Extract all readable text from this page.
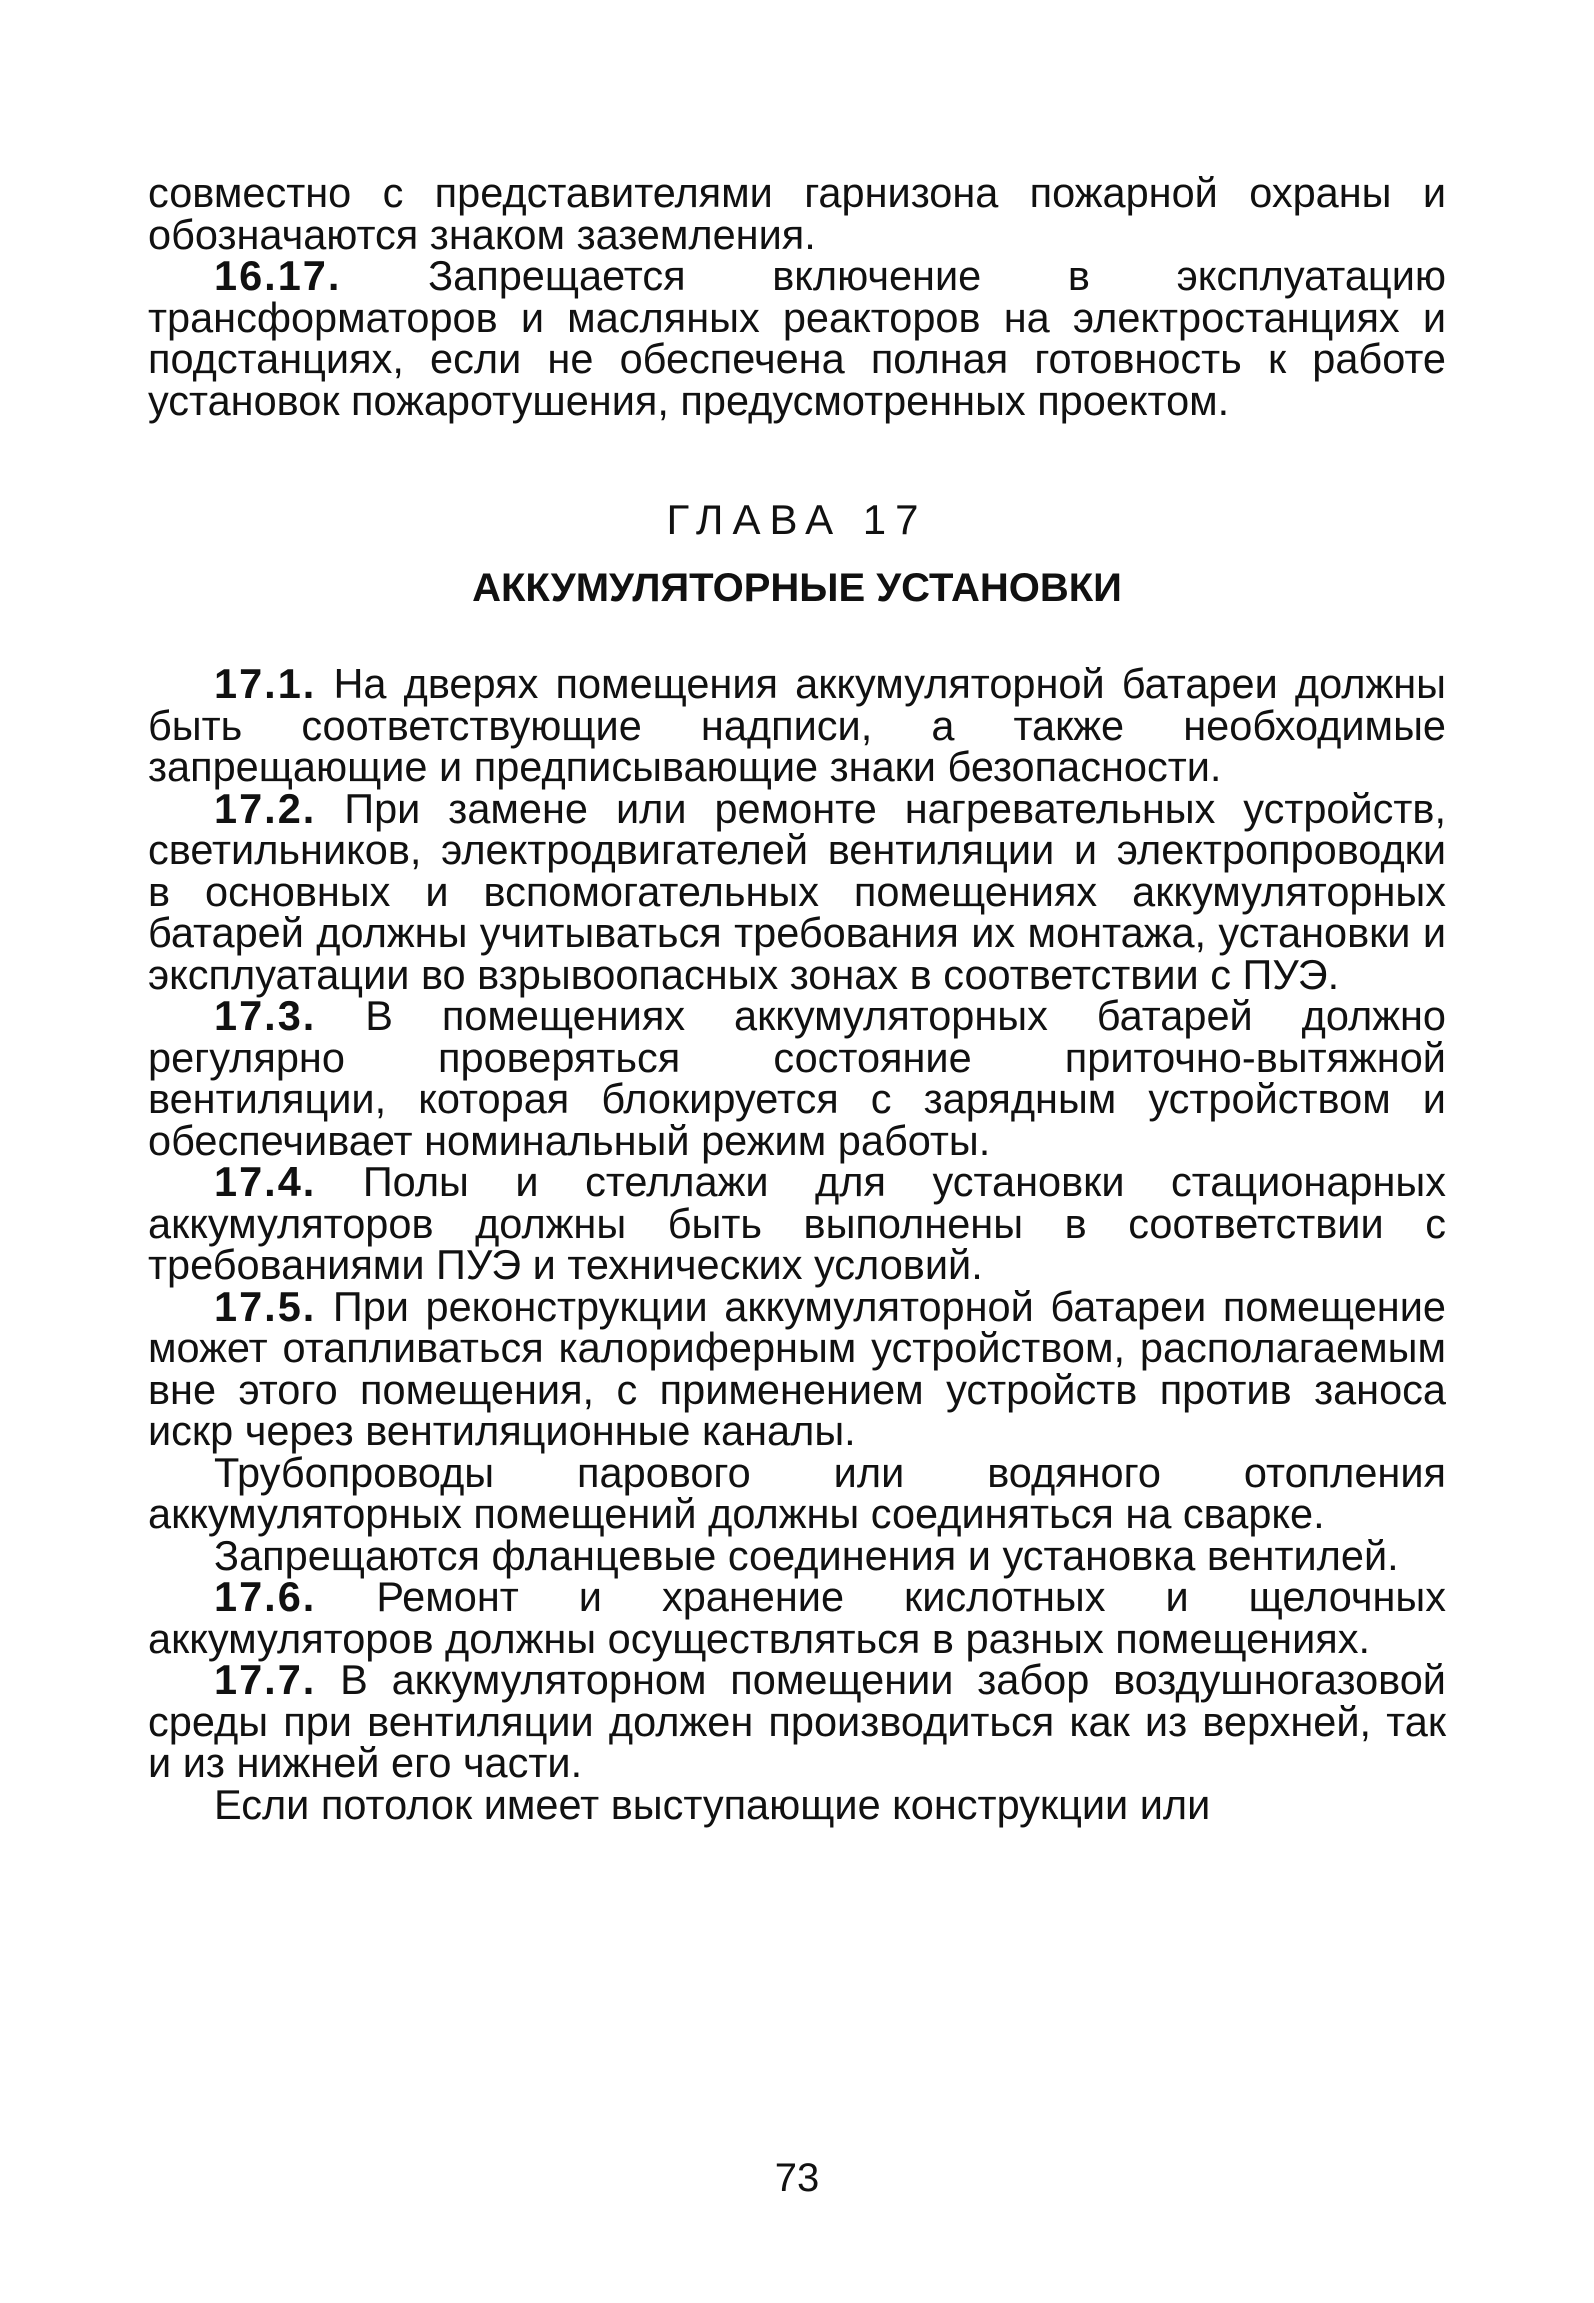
совместно с представителями гарнизона пожарной охраны и обозначаются знаком заземления.

16.17. Запрещается включение в эксплуатацию трансформаторов и масляных реакторов на электростанциях и подстанциях, если не обеспечена полная готовность к работе установок пожаротушения, предусмотренных проектом.

ГЛАВА 17
АККУМУЛЯТОРНЫЕ УСТАНОВКИ

17.1. На дверях помещения аккумуляторной батареи должны быть соответствующие надписи, а также необходимые запрещающие и предписывающие знаки безопасности.

17.2. При замене или ремонте нагревательных устройств, светильников, электродвигателей вентиляции и электропроводки в основных и вспомогательных помещениях аккумуляторных батарей должны учитываться требования их монтажа, установки и эксплуатации во взрывоопасных зонах в соответствии с ПУЭ.

17.3. В помещениях аккумуляторных батарей должно регулярно проверяться состояние приточно-вытяжной вентиляции, которая блокируется с зарядным устройством и обеспечивает номинальный режим работы.

17.4. Полы и стеллажи для установки стационарных аккумуляторов должны быть выполнены в соответствии с требованиями ПУЭ и технических условий.

17.5. При реконструкции аккумуляторной батареи помещение может отапливаться калориферным устройством, располагаемым вне этого помещения, с применением устройств против заноса искр через вентиляционные каналы.

Трубопроводы парового или водяного отопления аккумуляторных помещений должны соединяться на сварке.

Запрещаются фланцевые соединения и установка вентилей.

17.6. Ремонт и хранение кислотных и щелочных аккумуляторов должны осуществляться в разных помещениях.

17.7. В аккумуляторном помещении забор воздушногазовой среды при вентиляции должен производиться как из верхней, так и из нижней его части.

Если потолок имеет выступающие конструкции или

73
